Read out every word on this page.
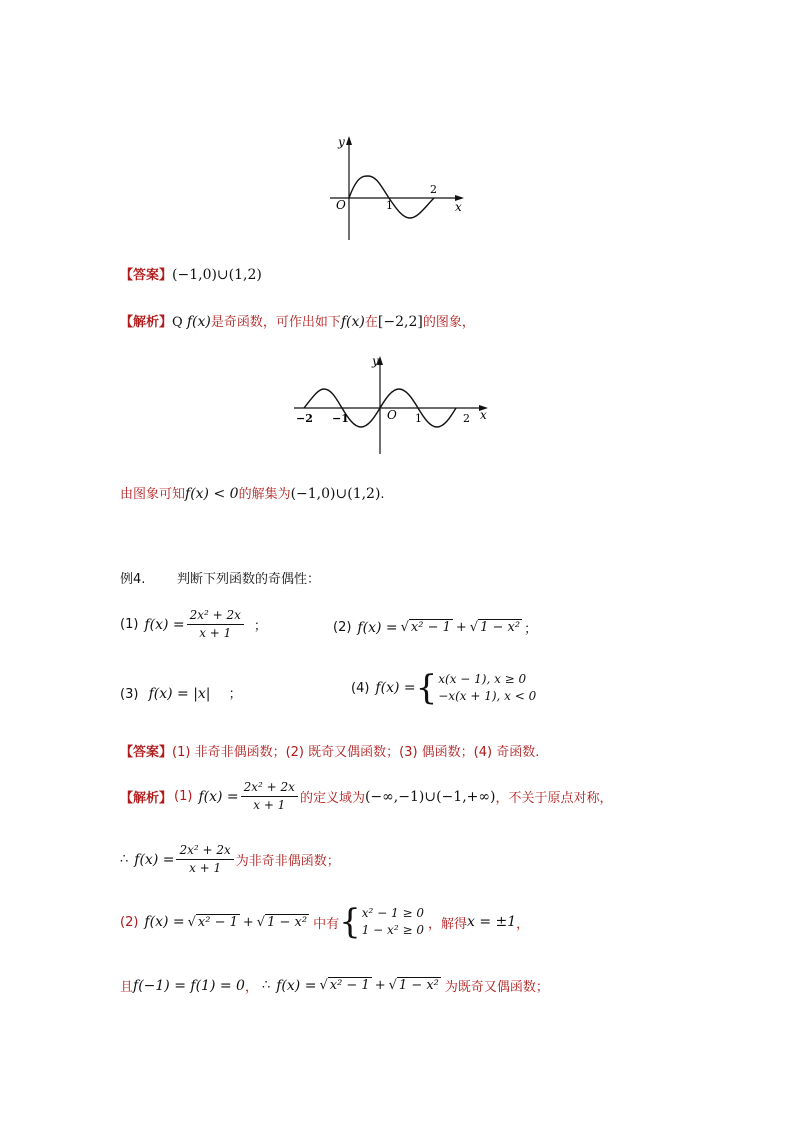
y
x
O	1
2
【答案】(−1,0)∪(1,2)
【解析】Q f(x)是奇函数，可作出如下f(x)在[−2,2]的图象，
y
x
O
−2 −1	1	2
由图象可知f(x) < 0的解集为(−1,0)∪(1,2).
例4. 判断下列函数的奇偶性：
(1) $f(x) = \frac{\text{2x² + 2x}}{x + 1}$ ；	(2) f(x) = √ x² − 1 + √ 1 − x² ；
(3) f(x) = |x| ；	(4) f(x) = { x(x − 1), x ≥ 0
−x(x + 1), x < 0
【答案】(1) 非奇非偶函数；(2) 既奇又偶函数；(3) 偶函数；(4) 奇函数.
【解析】 (1) $f(x) = \frac{\text{2x² + 2x}}{x + 1}$ 的定义域为 (−∞,−1)∪(−1,+∞) ，不关于原点对称，
∴ $f(x) = \frac{\text{2x² + 2x}}{x + 1}$ 为非奇非偶函数；
(2) f(x) = √ x² − 1 + √ 1 − x² 中有 { x² − 1 ≥ 0
1 − x² ≥ 0 ，解得 x = ±1 ，
且 f(−1) = f(1) = 0 ， ∴ f(x) = √ x² − 1 + √ 1 − x² 为既奇又偶函数；
